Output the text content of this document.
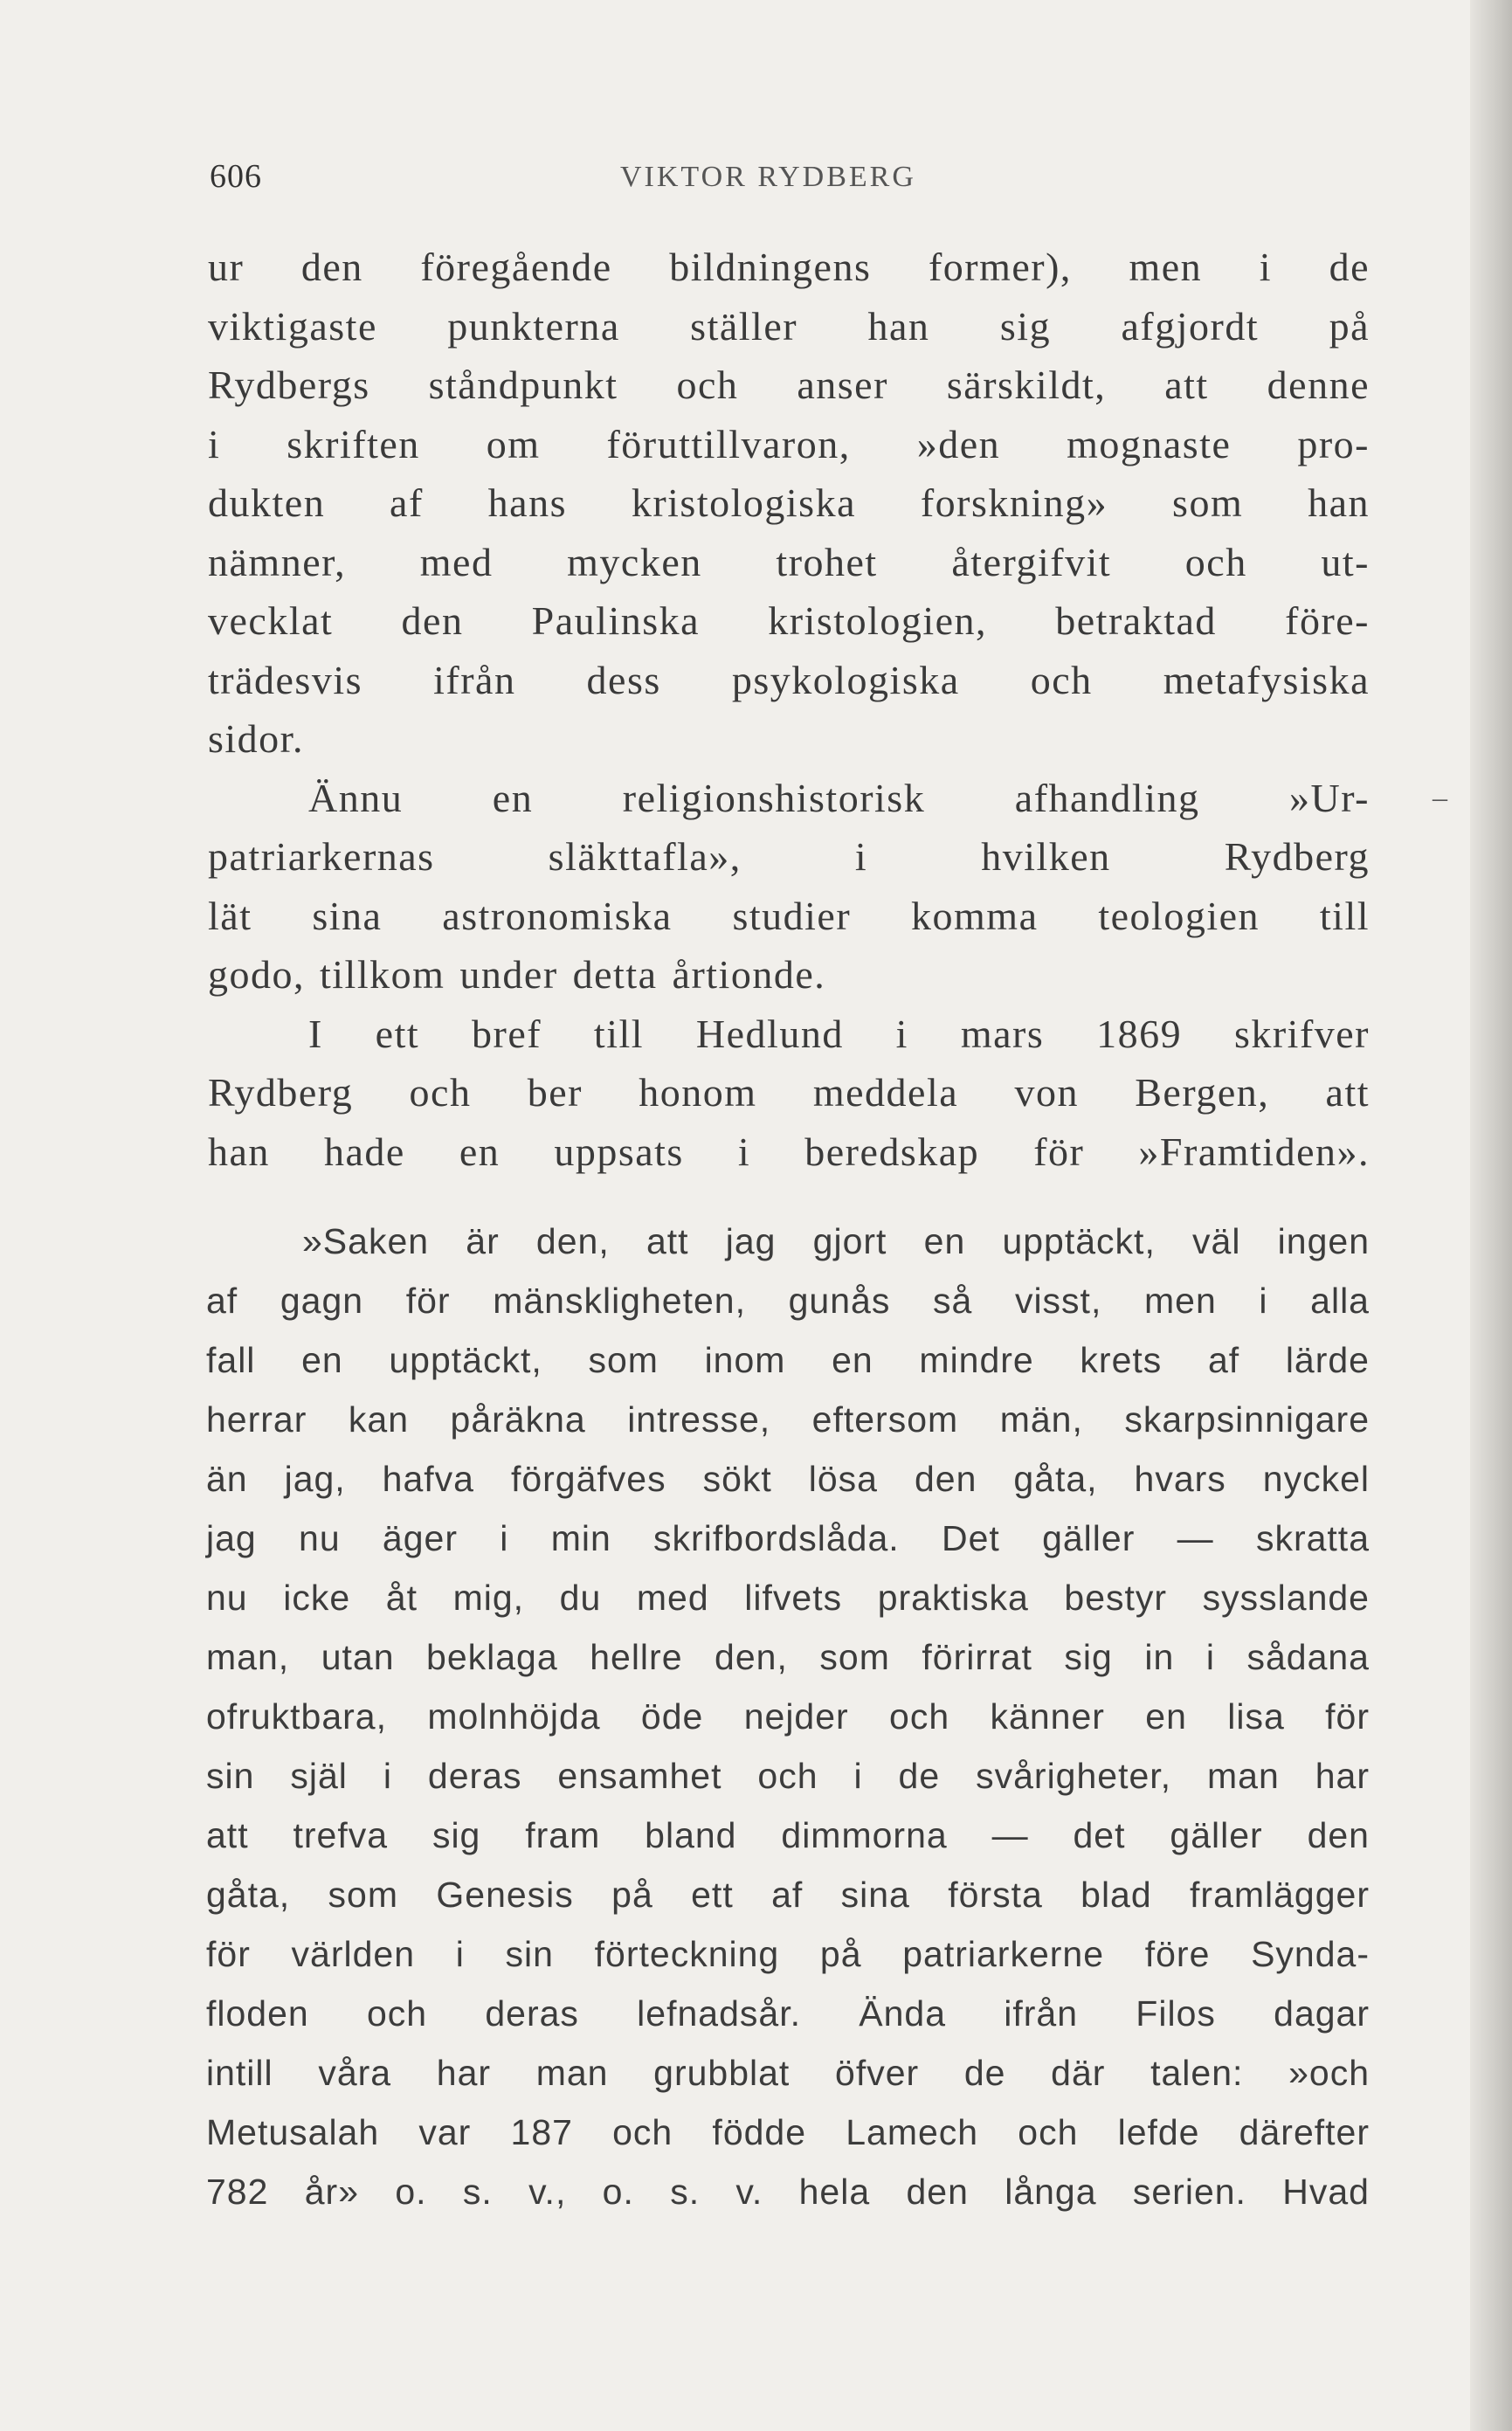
606	VIKTOR RYDBERG
ur den föregående bildningens former), men i de
viktigaste punkterna ställer han sig afgjordt på
Rydbergs ståndpunkt och anser särskildt, att denne
i skriften om föruttillvaron, »den mognaste pro-
dukten af hans kristologiska forskning» som han
nämner, med mycken trohet återgifvit och ut-
vecklat den Paulinska kristologien, betraktad före-
trädesvis ifrån dess psykologiska och metafysiska
sidor.
Ännu en religionshistorisk afhandling »Ur-
patriarkernas släkttafla», i hvilken Rydberg
lät sina astronomiska studier komma teologien till
godo, tillkom under detta årtionde.
I ett bref till Hedlund i mars 1869 skrifver
Rydberg och ber honom meddela von Bergen, att
han hade en uppsats i beredskap för »Framtiden».
»Saken är den, att jag gjort en upptäckt, väl ingen
af gagn för mänskligheten, gunås så visst, men i alla
fall en upptäckt, som inom en mindre krets af lärde
herrar kan påräkna intresse, eftersom män, skarpsinnigare
än jag, hafva förgäfves sökt lösa den gåta, hvars nyckel
jag nu äger i min skrifbordslåda. Det gäller — skratta
nu icke åt mig, du med lifvets praktiska bestyr sysslande
man, utan beklaga hellre den, som förirrat sig in i sådana
ofruktbara, molnhöjda öde nejder och känner en lisa för
sin själ i deras ensamhet och i de svårigheter, man har
att trefva sig fram bland dimmorna — det gäller den
gåta, som Genesis på ett af sina första blad framlägger
för världen i sin förteckning på patriarkerne före Synda-
floden och deras lefnadsår. Ända ifrån Filos dagar
intill våra har man grubblat öfver de där talen: »och
Metusalah var 187 och födde Lamech och lefde därefter
782 år» o. s. v., o. s. v. hela den långa serien. Hvad
–
